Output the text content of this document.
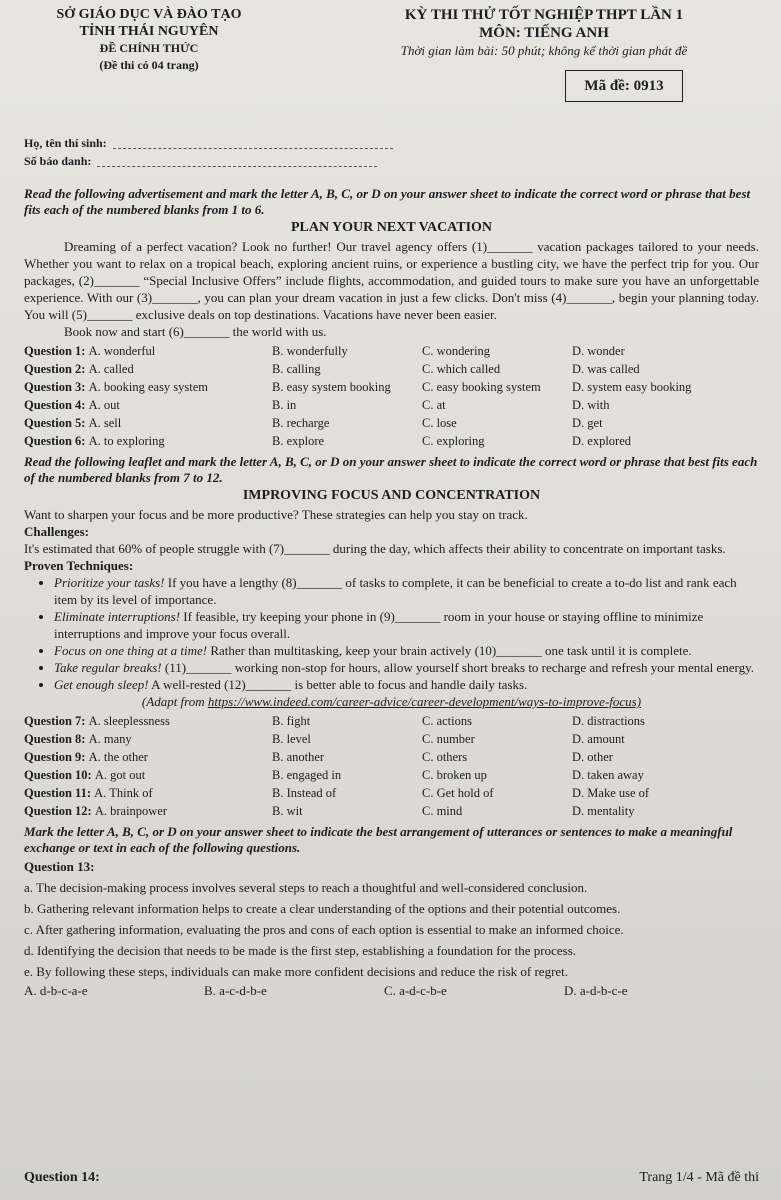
SỞ GIÁO DỤC VÀ ĐÀO TẠO
TỈNH THÁI NGUYÊN
ĐỀ CHÍNH THỨC
(Đề thi có 04 trang)
KỲ THI THỬ TỐT NGHIỆP THPT LẦN 1
MÔN: TIẾNG ANH
Thời gian làm bài: 50 phút; không kể thời gian phát đề
Mã đề: 0913
Họ, tên thí sinh:
Số báo danh:
Read the following advertisement and mark the letter A, B, C, or D on your answer sheet to indicate the correct word or phrase that best fits each of the numbered blanks from 1 to 6.
PLAN YOUR NEXT VACATION

Dreaming of a perfect vacation? Look no further! Our travel agency offers (1)_______ vacation packages tailored to your needs. Whether you want to relax on a tropical beach, exploring ancient ruins, or experience a bustling city, we have the perfect trip for you. Our packages, (2)_______ “Special Inclusive Offers” include flights, accommodation, and guided tours to make sure you have an unforgettable experience. With our (3)_______, you can plan your dream vacation in just a few clicks. Don't miss (4)_______, begin your planning today. You will (5)_______ exclusive deals on top destinations. Vacations have never been easier.

Book now and start (6)_______ the world with us.

Question 1: A. wonderful	B. wonderfully	C. wondering	D. wonder
Question 2: A. called	B. calling	C. which called	D. was called
Question 3: A. booking easy system	B. easy system booking	C. easy booking system	D. system easy booking
Question 4: A. out	B. in	C. at	D. with
Question 5: A. sell	B. recharge	C. lose	D. get
Question 6: A. to exploring	B. explore	C. exploring	D. explored
Read the following leaflet and mark the letter A, B, C, or D on your answer sheet to indicate the correct word or phrase that best fits each of the numbered blanks from 7 to 12.
IMPROVING FOCUS AND CONCENTRATION

Want to sharpen your focus and be more productive? These strategies can help you stay on track.

Challenges:

It's estimated that 60% of people struggle with (7)_______ during the day, which affects their ability to concentrate on important tasks.

Proven Techniques:
• Prioritize your tasks! If you have a lengthy (8)_______ of tasks to complete, it can be beneficial to create a to-do list and rank each item by its level of importance.
• Eliminate interruptions! If feasible, try keeping your phone in (9)_______ room in your house or staying offline to minimize interruptions and improve your focus overall.
• Focus on one thing at a time! Rather than multitasking, keep your brain actively (10)_______ one task until it is complete.
• Take regular breaks! (11)_______ working non-stop for hours, allow yourself short breaks to recharge and refresh your mental energy.
• Get enough sleep! A well-rested (12)_______ is better able to focus and handle daily tasks.
(Adapt from https://www.indeed.com/career-advice/career-development/ways-to-improve-focus)
Question 7: A. sleeplessness	B. fight	C. actions	D. distractions
Question 8: A. many	B. level	C. number	D. amount
Question 9: A. the other	B. another	C. others	D. other
Question 10: A. got out	B. engaged in	C. broken up	D. taken away
Question 11: A. Think of	B. Instead of	C. Get hold of	D. Make use of
Question 12: A. brainpower	B. wit	C. mind	D. mentality
Mark the letter A, B, C, or D on your answer sheet to indicate the best arrangement of utterances or sentences to make a meaningful exchange or text in each of the following questions.
Question 13:
a. The decision-making process involves several steps to reach a thoughtful and well-considered conclusion.
b. Gathering relevant information helps to create a clear understanding of the options and their potential outcomes.
c. After gathering information, evaluating the pros and cons of each option is essential to make an informed choice.
d. Identifying the decision that needs to be made is the first step, establishing a foundation for the process.
e. By following these steps, individuals can make more confident decisions and reduce the risk of regret.
A. d-b-c-a-e	B. a-c-d-b-e	C. a-d-c-b-e	D. a-d-b-c-e
Question 14:	Trang 1/4 - Mã đề thi
